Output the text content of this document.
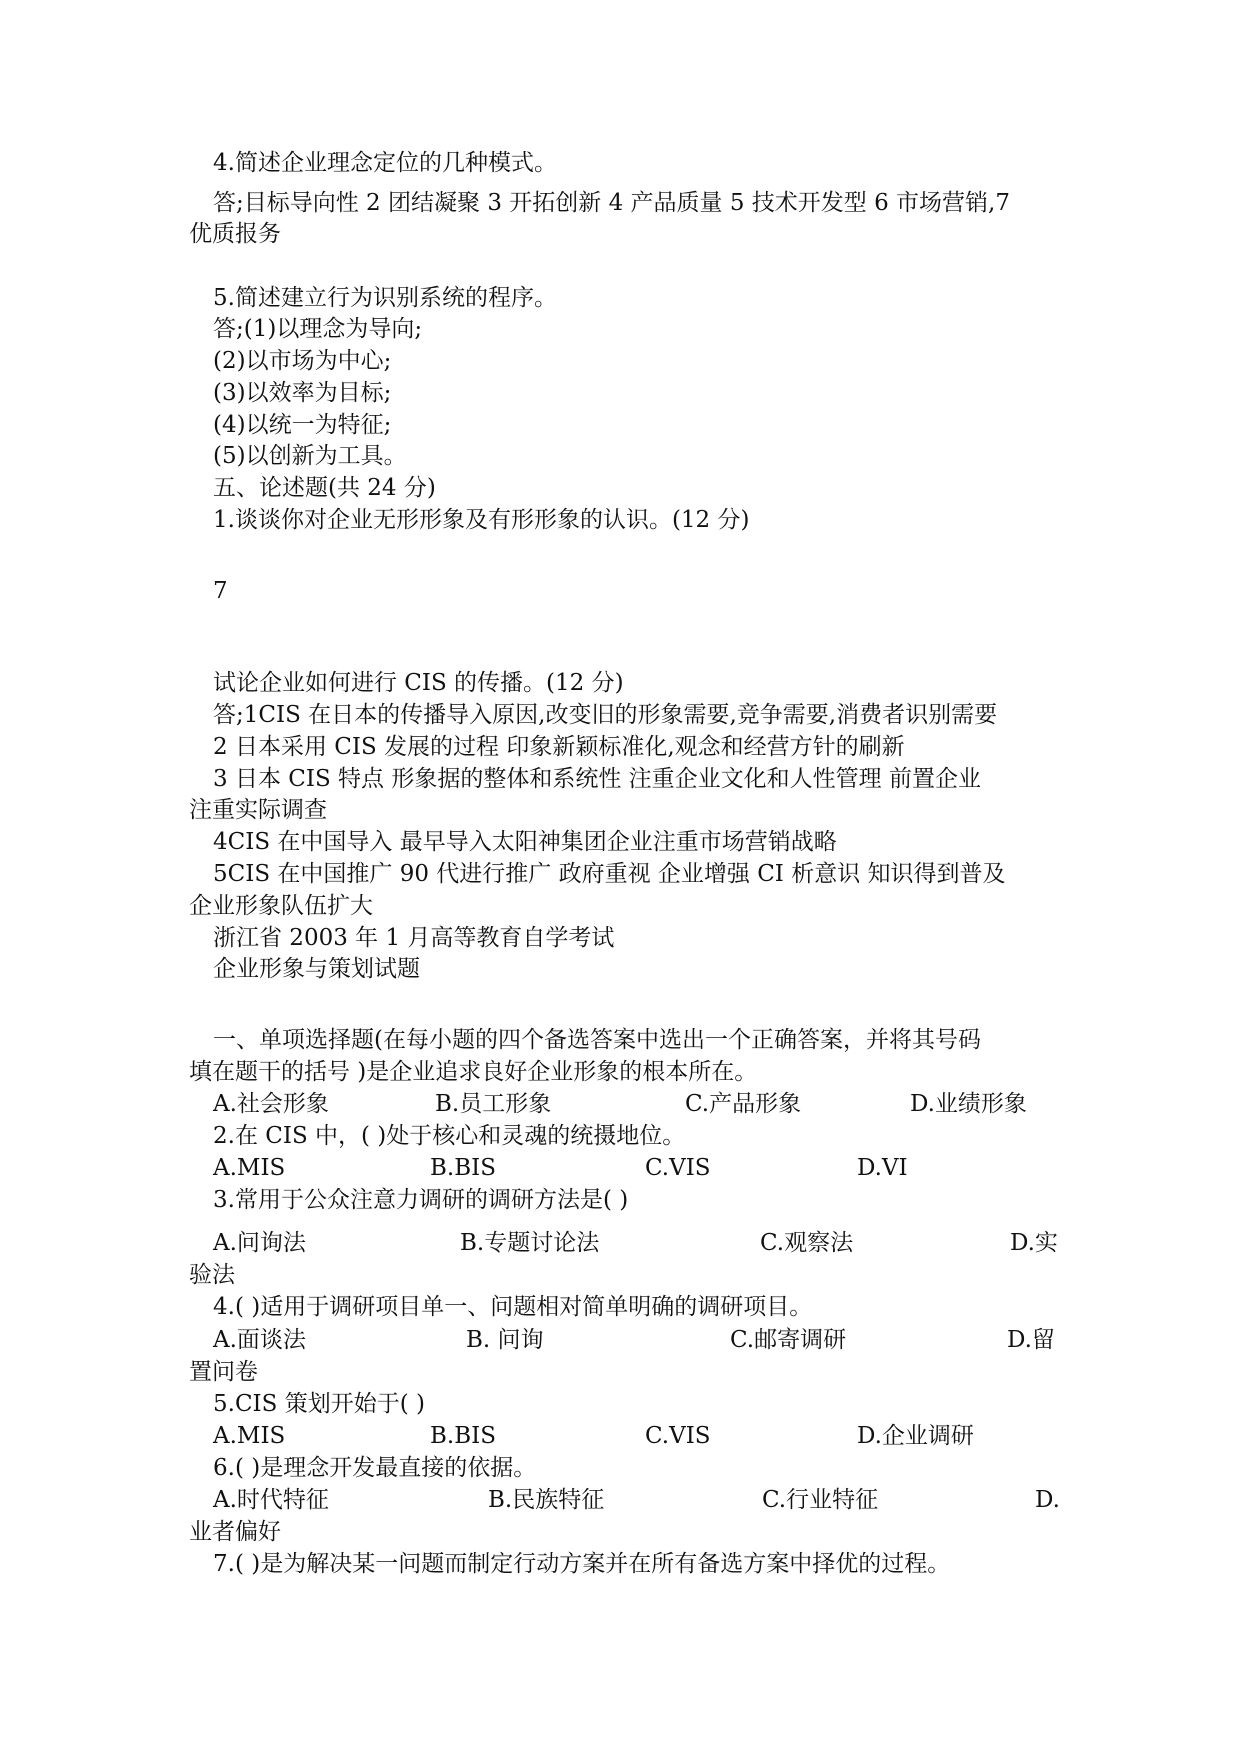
4.简述企业理念定位的几种模式。
答;目标导向性 2 团结凝聚 3 开拓创新 4 产品质量 5 技术开发型 6 市场营销,7
优质报务
5.简述建立行为识别系统的程序。
答;(1)以理念为导向;
(2)以市场为中心;
(3)以效率为目标;
(4)以统一为特征;
(5)以创新为工具。
五、论述题(共 24 分)
1.谈谈你对企业无形形象及有形形象的认识。(12 分)
7
试论企业如何进行 CIS 的传播。(12 分)
答;1CIS 在日本的传播导入原因,改变旧的形象需要,竞争需要,消费者识别需要
2 日本采用 CIS 发展的过程 印象新颖标准化,观念和经营方针的刷新
3 日本 CIS 特点 形象据的整体和系统性 注重企业文化和人性管理 前置企业
注重实际调查
4CIS 在中国导入 最早导入太阳神集团企业注重市场营销战略
5CIS 在中国推广 90 代进行推广 政府重视 企业增强 CI 析意识 知识得到普及
企业形象队伍扩大
浙江省 2003 年 1 月高等教育自学考试
企业形象与策划试题
一、单项选择题(在每小题的四个备选答案中选出一个正确答案，并将其号码
填在题干的括号 )是企业追求良好企业形象的根本所在。
A.社会形象	B.员工形象	C.产品形象	D.业绩形象
2.在 CIS 中，( )处于核心和灵魂的统摄地位。
A.MIS	B.BIS	C.VIS	D.VI
3.常用于公众注意力调研的调研方法是( )
A.问询法	B.专题讨论法	C.观察法	D.实
验法
4.( )适用于调研项目单一、问题相对简单明确的调研项目。
A.面谈法	B. 问询	C.邮寄调研	D.留
置问卷
5.CIS 策划开始于( )
A.MIS	B.BIS	C.VIS	D.企业调研
6.( )是理念开发最直接的依据。
A.时代特征	B.民族特征	C.行业特征	D.
业者偏好
7.( )是为解决某一问题而制定行动方案并在所有备选方案中择优的过程。
